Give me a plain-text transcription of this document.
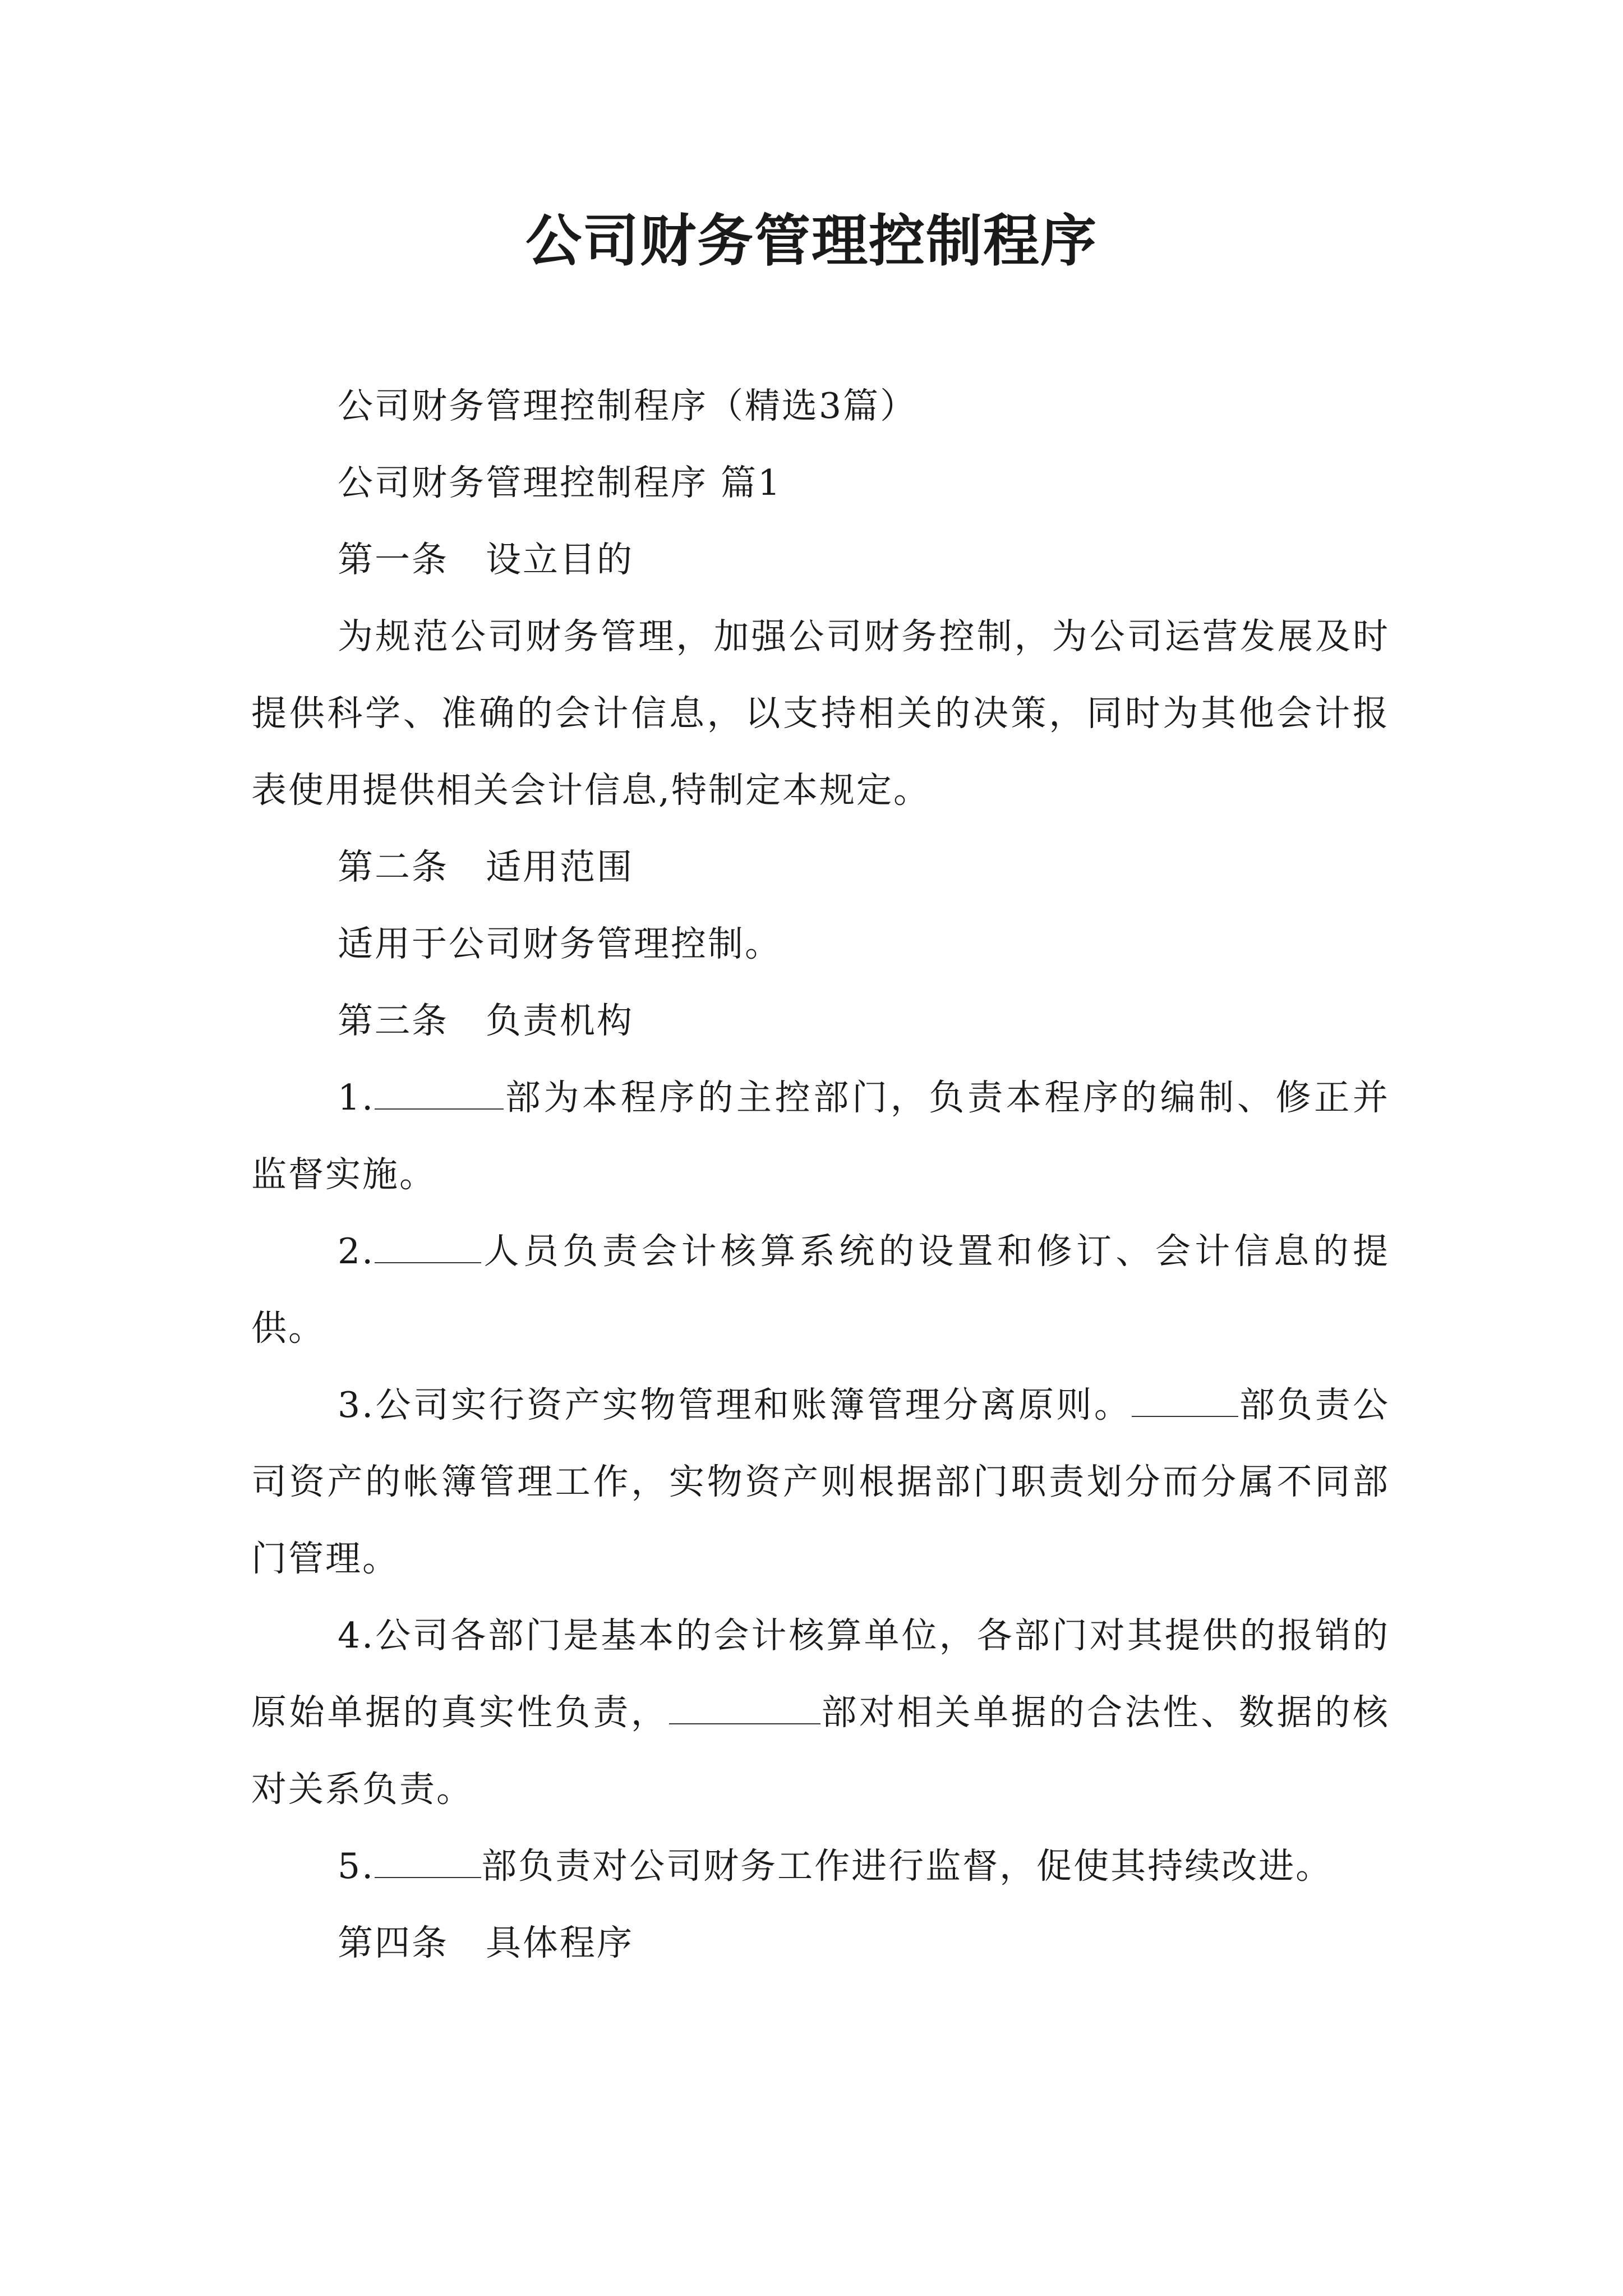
公司财务管理控制程序

公司财务管理控制程序（精选3篇）

公司财务管理控制程序 篇1

第一条　设立目的

为规范公司财务管理，加强公司财务控制，为公司运营发展及时提供科学、准确的会计信息，以支持相关的决策，同时为其他会计报表使用提供相关会计信息,特制定本规定。

第二条　适用范围

适用于公司财务管理控制。

第三条　负责机构

1.	部为本程序的主控部门，负责本程序的编制、修正并监督实施。

2.	人员负责会计核算系统的设置和修订、会计信息的提供。

3.公司实行资产实物管理和账簿管理分离原则。	部负责公司资产的帐簿管理工作，实物资产则根据部门职责划分而分属不同部门管理。

4.公司各部门是基本的会计核算单位，各部门对其提供的报销的原始单据的真实性负责，	部对相关单据的合法性、数据的核对关系负责。

5.	部负责对公司财务工作进行监督，促使其持续改进。

第四条　具体程序
